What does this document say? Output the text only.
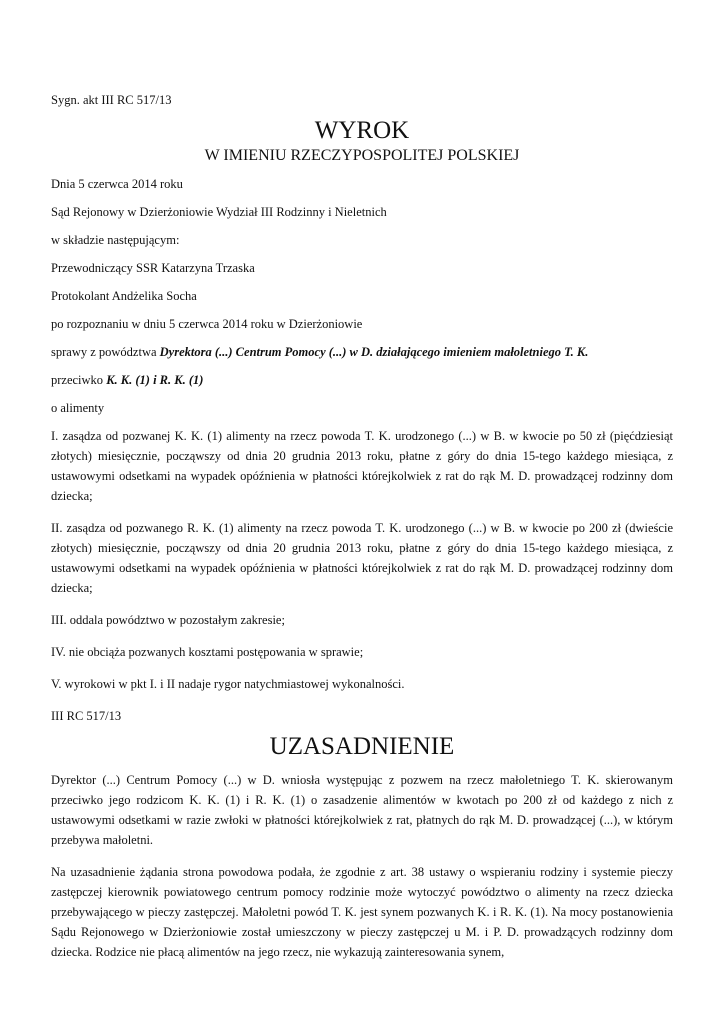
Sygn. akt III RC 517/13
WYROK
W IMIENIU RZECZYPOSPOLITEJ POLSKIEJ
Dnia 5 czerwca 2014 roku
Sąd Rejonowy w Dzierżoniowie Wydział III Rodzinny i Nieletnich
w składzie następującym:
Przewodniczący SSR Katarzyna Trzaska
Protokolant Andżelika Socha
po rozpoznaniu w dniu 5 czerwca 2014 roku w Dzierżoniowie
sprawy z powództwa Dyrektora (...) Centrum Pomocy (...) w D. działającego imieniem małoletniego T. K.
przeciwko K. K. (1) i R. K. (1)
o alimenty
I. zasądza od pozwanej K. K. (1) alimenty na rzecz powoda T. K. urodzonego (...) w B. w kwocie po 50 zł (pięćdziesiąt złotych) miesięcznie, począwszy od dnia 20 grudnia 2013 roku, płatne z góry do dnia 15-tego każdego miesiąca, z ustawowymi odsetkami na wypadek opóźnienia w płatności którejkolwiek z rat do rąk M. D. prowadzącej rodzinny dom dziecka;
II. zasądza od pozwanego R. K. (1) alimenty na rzecz powoda T. K. urodzonego (...) w B. w kwocie po 200 zł (dwieście złotych) miesięcznie, począwszy od dnia 20 grudnia 2013 roku, płatne z góry do dnia 15-tego każdego miesiąca, z ustawowymi odsetkami na wypadek opóźnienia w płatności którejkolwiek z rat do rąk M. D. prowadzącej rodzinny dom dziecka;
III. oddala powództwo w pozostałym zakresie;
IV. nie obciąża pozwanych kosztami postępowania w sprawie;
V. wyrokowi w pkt I. i II nadaje rygor natychmiastowej wykonalności.
III RC 517/13
UZASADNIENIE
Dyrektor (...) Centrum Pomocy (...) w D. wniosła występując z pozwem na rzecz małoletniego T. K. skierowanym przeciwko jego rodzicom K. K. (1) i R. K. (1) o zasadzenie alimentów w kwotach po 200 zł od każdego z nich z ustawowymi odsetkami w razie zwłoki w płatności którejkolwiek z rat, płatnych do rąk M. D. prowadzącej (...), w którym przebywa małoletni.
Na uzasadnienie żądania strona powodowa podała, że zgodnie z art. 38 ustawy o wspieraniu rodziny i systemie pieczy zastępczej kierownik powiatowego centrum pomocy rodzinie może wytoczyć powództwo o alimenty na rzecz dziecka przebywającego w pieczy zastępczej. Małoletni powód T. K. jest synem pozwanych K. i R. K. (1). Na mocy postanowienia Sądu Rejonowego w Dzierżoniowie został umieszczony w pieczy zastępczej u M. i P. D. prowadzących rodzinny dom dziecka. Rodzice nie płacą alimentów na jego rzecz, nie wykazują zainteresowania synem,
